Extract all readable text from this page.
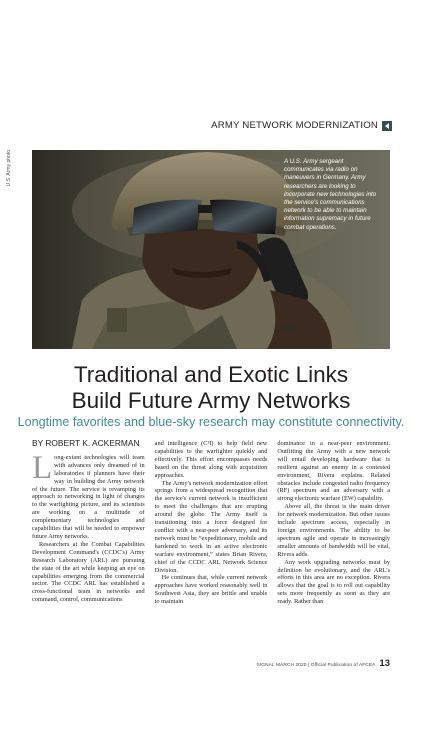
ARMY NETWORK MODERNIZATION
U.S. Army photo	A U.S. Army sergeant communicates via radio on maneuvers in Germany. Army researchers are looking to incorporate new technologies into the service's communications network to be able to maintain information supremacy in future combat operations.
Traditional and Exotic Links
Build Future Army Networks
Longtime favorites and blue-sky research may constitute connectivity.

BY ROBERT K. ACKERMAN

Long-extant technologies will team with advances only dreamed of in laboratories if planners have their way in building the Army network of the future. The service is revamping its approach to networking in light of changes to the warfighting picture, and its scientists are working on a multitude of complementary technologies and capabilities that will be needed to empower future Army networks.

Researchers at the Combat Capabilities Development Command's (CCDC's) Army Research Laboratory (ARL) are pursuing the state of the art while keeping an eye on capabilities emerging from the commercial sector. The CCDC ARL has established a cross-functional team in networks and command, control, communications

and intelligence (C³I) to help field new capabilities to the warfighter quickly and effectively. This effort encompasses needs based on the threat along with acquisition approaches.

The Army's network modernization effort springs from a widespread recognition that the service's current network is insufficient to meet the challenges that are erupting around the globe. The Army itself is transitioning into a force designed for conflict with a near-peer adversary, and its network must be “expeditionary, mobile and hardened to work in an active electronic warfare environment,” states Brian Rivera, chief of the CCDC ARL Network Science Division.

He continues that, while current network approaches have worked reasonably well in Southwest Asia, they are brittle and unable to maintain

dominance in a near-peer environment. Outfitting the Army with a new network will entail developing hardware that is resilient against an enemy in a contested environment, Rivera explains. Related obstacles include congested radio frequency (RF) spectrum and an adversary with a strong electronic warfare (EW) capability.

Above all, the threat is the main driver for network modernization. But other issues include spectrum access, especially in foreign environments. The ability to be spectrum agile and operate in increasingly smaller amounts of bandwidth will be vital, Rivera adds.

Any work upgrading networks must by definition be evolutionary, and the ARL's efforts in this area are no exception. Rivera allows that the goal is to roll out capability sets more frequently as soon as they are ready. Rather than

SIGNAL MARCH 2020 | Official Publication of AFCEA 13
